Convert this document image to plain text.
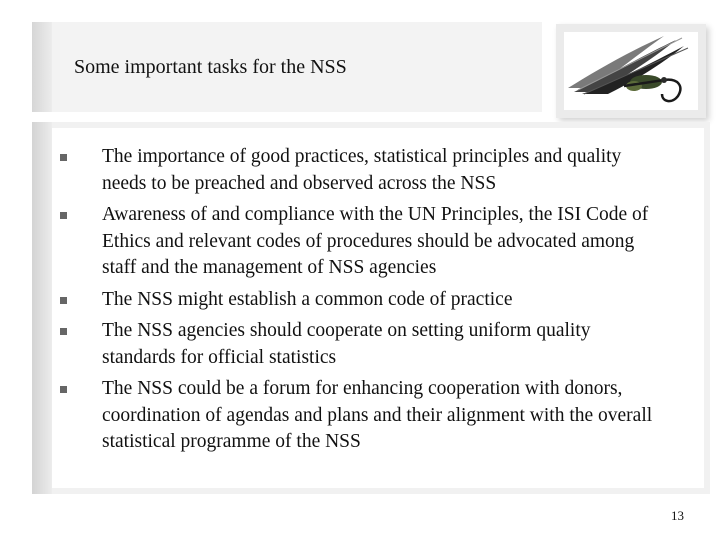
Some important tasks for the NSS
The importance of good practices, statistical principles and quality needs to be preached and observed across the NSS
Awareness of and compliance with the UN Principles, the ISI Code of Ethics and relevant codes of procedures should be advocated among staff and the management of NSS agencies
The NSS might establish a common code of practice
The NSS agencies should cooperate on setting uniform quality standards for official statistics
The NSS could be a forum for enhancing cooperation with donors, coordination of agendas and plans and their alignment with the overall statistical programme of the NSS
13
